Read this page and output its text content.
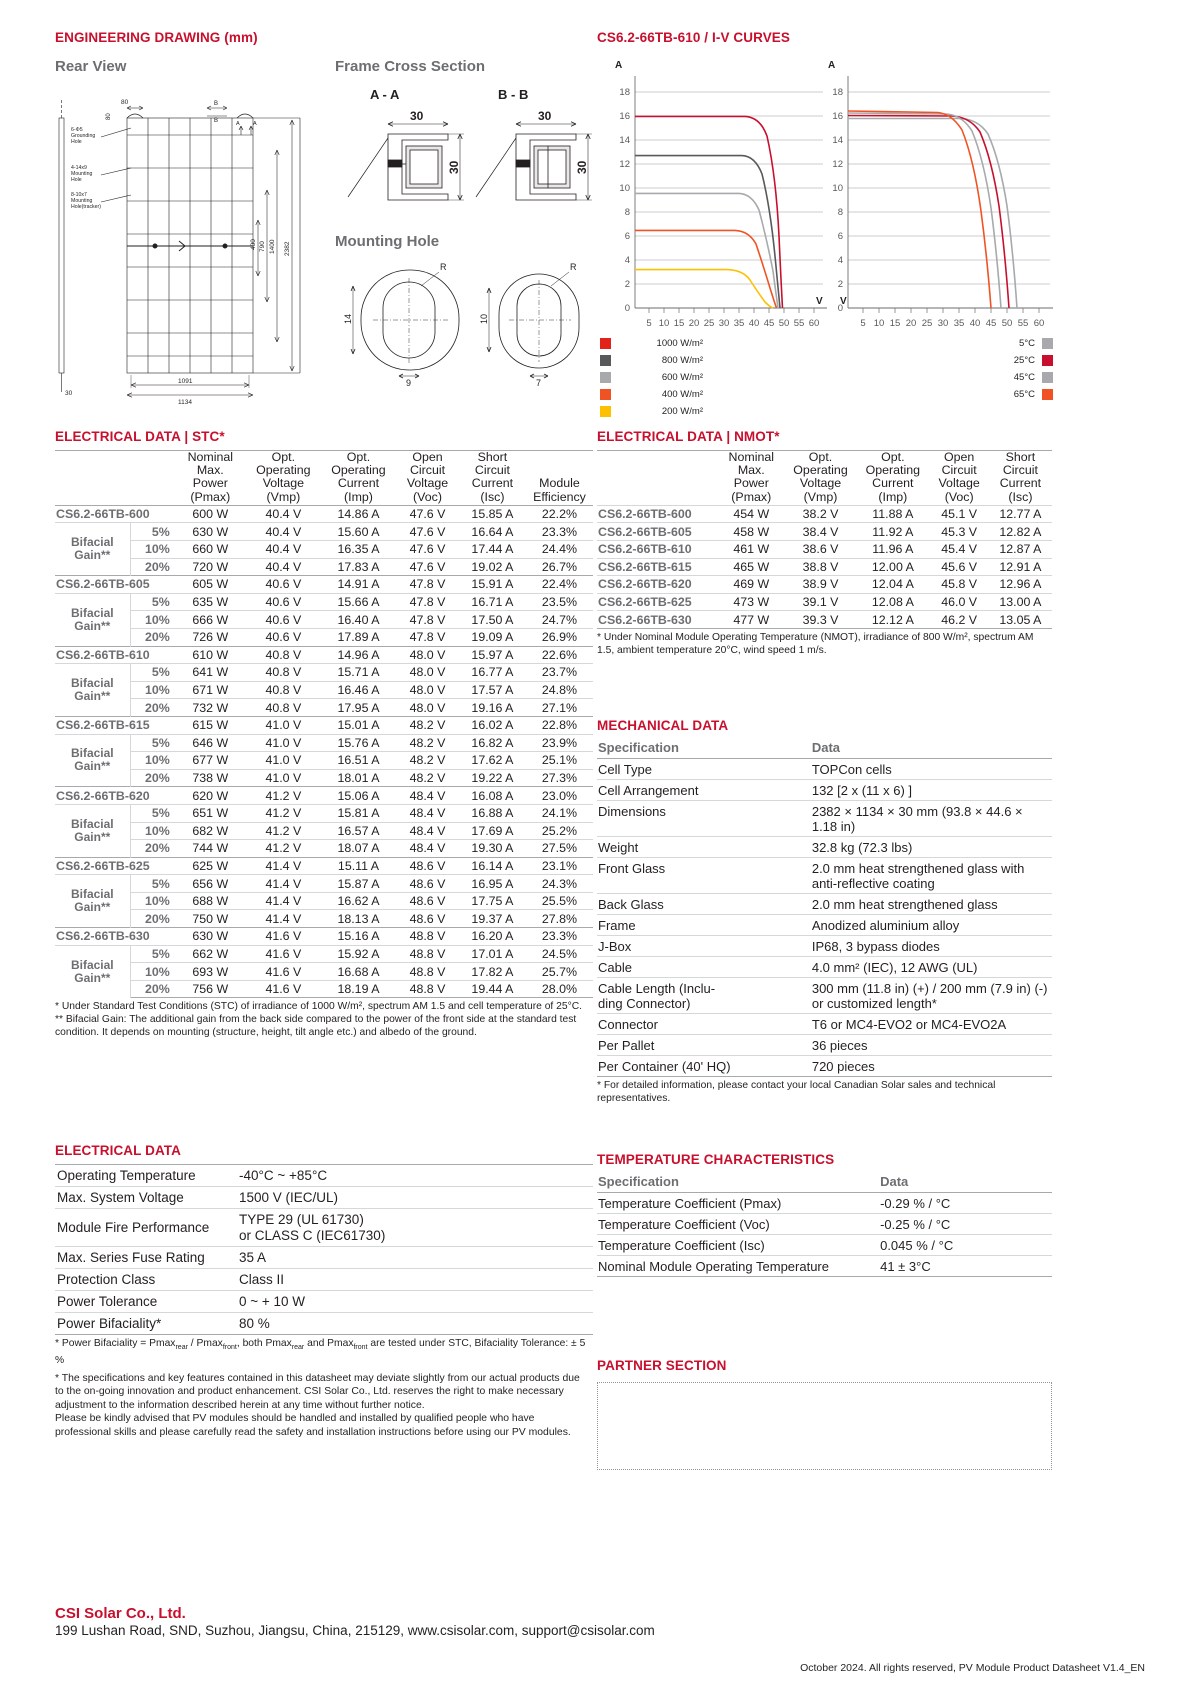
ENGINEERING DRAWING (mm)
Rear View	Frame Cross Section
Mounting Hole
A - A	B - B
80
80
B
B	A A
6-Φ5
Grounding
Hole
4-14x9
Mounting
Hole
8-10x7
Mounting
Hole(tracker)
400 790 1400 2382
1091
1134
30
30
30
30
30
14
9
R
10
7
R
CS6.2-66TB-610 / I-V CURVES
A
18
16
14
12
10
8
6
4
2
0
5 10 15 20 25 30 35 40 45 50 55 60
V
A
18
16
14
12
10
8
6
4
2
0
5 10 15 20 25 30 35 40 45 50 55 60
V
1000 W/m²
800 W/m²
600 W/m²
400 W/m²
200 W/m²
5°C
25°C
45°C
65°C
ELECTRICAL DATA | STC*
		Nominal
Max.
Power
(Pmax)	Opt.
Operating
Voltage
(Vmp)	Opt.
Operating
Current
(Imp)	Open
Circuit
Voltage
(Voc)	Short
Circuit
Current
(Isc)	Module
Efficiency
CS6.2-66TB-600		600 W	40.4 V	14.86 A	47.6 V	15.85 A	22.2%
Bifacial
Gain**	5%	630 W	40.4 V	15.60 A	47.6 V	16.64 A	23.3%
	10%	660 W	40.4 V	16.35 A	47.6 V	17.44 A	24.4%
	20%	720 W	40.4 V	17.83 A	47.6 V	19.02 A	26.7%
CS6.2-66TB-605		605 W	40.6 V	14.91 A	47.8 V	15.91 A	22.4%
Bifacial
Gain**	5%	635 W	40.6 V	15.66 A	47.8 V	16.71 A	23.5%
	10%	666 W	40.6 V	16.40 A	47.8 V	17.50 A	24.7%
	20%	726 W	40.6 V	17.89 A	47.8 V	19.09 A	26.9%
CS6.2-66TB-610		610 W	40.8 V	14.96 A	48.0 V	15.97 A	22.6%
Bifacial
Gain**	5%	641 W	40.8 V	15.71 A	48.0 V	16.77 A	23.7%
	10%	671 W	40.8 V	16.46 A	48.0 V	17.57 A	24.8%
	20%	732 W	40.8 V	17.95 A	48.0 V	19.16 A	27.1%
CS6.2-66TB-615		615 W	41.0 V	15.01 A	48.2 V	16.02 A	22.8%
Bifacial
Gain**	5%	646 W	41.0 V	15.76 A	48.2 V	16.82 A	23.9%
	10%	677 W	41.0 V	16.51 A	48.2 V	17.62 A	25.1%
	20%	738 W	41.0 V	18.01 A	48.2 V	19.22 A	27.3%
CS6.2-66TB-620		620 W	41.2 V	15.06 A	48.4 V	16.08 A	23.0%
Bifacial
Gain**	5%	651 W	41.2 V	15.81 A	48.4 V	16.88 A	24.1%
	10%	682 W	41.2 V	16.57 A	48.4 V	17.69 A	25.2%
	20%	744 W	41.2 V	18.07 A	48.4 V	19.30 A	27.5%
CS6.2-66TB-625		625 W	41.4 V	15.11 A	48.6 V	16.14 A	23.1%
Bifacial
Gain**	5%	656 W	41.4 V	15.87 A	48.6 V	16.95 A	24.3%
	10%	688 W	41.4 V	16.62 A	48.6 V	17.75 A	25.5%
	20%	750 W	41.4 V	18.13 A	48.6 V	19.37 A	27.8%
CS6.2-66TB-630		630 W	41.6 V	15.16 A	48.8 V	16.20 A	23.3%
Bifacial
Gain**	5%	662 W	41.6 V	15.92 A	48.8 V	17.01 A	24.5%
	10%	693 W	41.6 V	16.68 A	48.8 V	17.82 A	25.7%
	20%	756 W	41.6 V	18.19 A	48.8 V	19.44 A	28.0%
* Under Standard Test Conditions (STC) of irradiance of 1000 W/m², spectrum AM 1.5 and cell temperature of 25°C.
** Bifacial Gain: The additional gain from the back side compared to the power of the front side at the standard test condition. It depends on mounting (structure, height, tilt angle etc.) and albedo of the ground.
ELECTRICAL DATA | NMOT*
	Nominal
Max.
Power
(Pmax)	Opt.
Operating
Voltage
(Vmp)	Opt.
Operating
Current
(Imp)	Open
Circuit
Voltage
(Voc)	Short
Circuit
Current
(Isc)
CS6.2-66TB-600	454 W	38.2 V	11.88 A	45.1 V	12.77 A
CS6.2-66TB-605	458 W	38.4 V	11.92 A	45.3 V	12.82 A
CS6.2-66TB-610	461 W	38.6 V	11.96 A	45.4 V	12.87 A
CS6.2-66TB-615	465 W	38.8 V	12.00 A	45.6 V	12.91 A
CS6.2-66TB-620	469 W	38.9 V	12.04 A	45.8 V	12.96 A
CS6.2-66TB-625	473 W	39.1 V	12.08 A	46.0 V	13.00 A
CS6.2-66TB-630	477 W	39.3 V	12.12 A	46.2 V	13.05 A
* Under Nominal Module Operating Temperature (NMOT), irradiance of 800 W/m², spectrum AM 1.5, ambient temperature 20°C, wind speed 1 m/s.
MECHANICAL DATA
Specification	Data
Cell Type	TOPCon cells
Cell Arrangement	132 [2 x (11 x 6) ]
Dimensions	2382 × 1134 × 30 mm (93.8 × 44.6 × 1.18 in)
Weight	32.8 kg (72.3 lbs)
Front Glass	2.0 mm heat strengthened glass with anti-reflective coating
Back Glass	2.0 mm heat strengthened glass
Frame	Anodized aluminium alloy
J-Box	IP68, 3 bypass diodes
Cable	4.0 mm² (IEC), 12 AWG (UL)
Cable Length (Inclu-
ding Connector)	300 mm (11.8 in) (+) / 200 mm (7.9 in) (-) or customized length*
Connector	T6 or MC4-EVO2 or MC4-EVO2A
Per Pallet	36 pieces
Per Container (40' HQ)	720 pieces
* For detailed information, please contact your local Canadian Solar sales and technical representatives.
ELECTRICAL DATA
Operating Temperature	-40°C ~ +85°C
Max. System Voltage	1500 V (IEC/UL)
Module Fire Performance	TYPE 29 (UL 61730)
or CLASS C (IEC61730)
Max. Series Fuse Rating	35 A
Protection Class	Class II
Power Tolerance	0 ~ + 10 W
Power Bifaciality*	80 %
* Power Bifaciality = Pmax$_{rear}$ / Pmax$_{front}$, both Pmax$_{rear}$ and Pmax$_{front}$ are tested under STC, Bifaciality Tolerance: ± 5 %
TEMPERATURE CHARACTERISTICS
Specification	Data
Temperature Coefficient (Pmax)	-0.29 % / °C
Temperature Coefficient (Voc)	-0.25 % / °C
Temperature Coefficient (Isc)	0.045 % / °C
Nominal Module Operating Temperature	41 ± 3°C
PARTNER SECTION
* The specifications and key features contained in this datasheet may deviate slightly from our actual products due to the on-going innovation and product enhancement. CSI Solar Co., Ltd. reserves the right to make necessary adjustment to the information described herein at any time without further notice.
Please be kindly advised that PV modules should be handled and installed by qualified people who have professional skills and please carefully read the safety and installation instructions before using our PV modules.
CSI Solar Co., Ltd.
199 Lushan Road, SND, Suzhou, Jiangsu, China, 215129, www.csisolar.com, support@csisolar.com
October 2024. All rights reserved, PV Module Product Datasheet V1.4_EN
